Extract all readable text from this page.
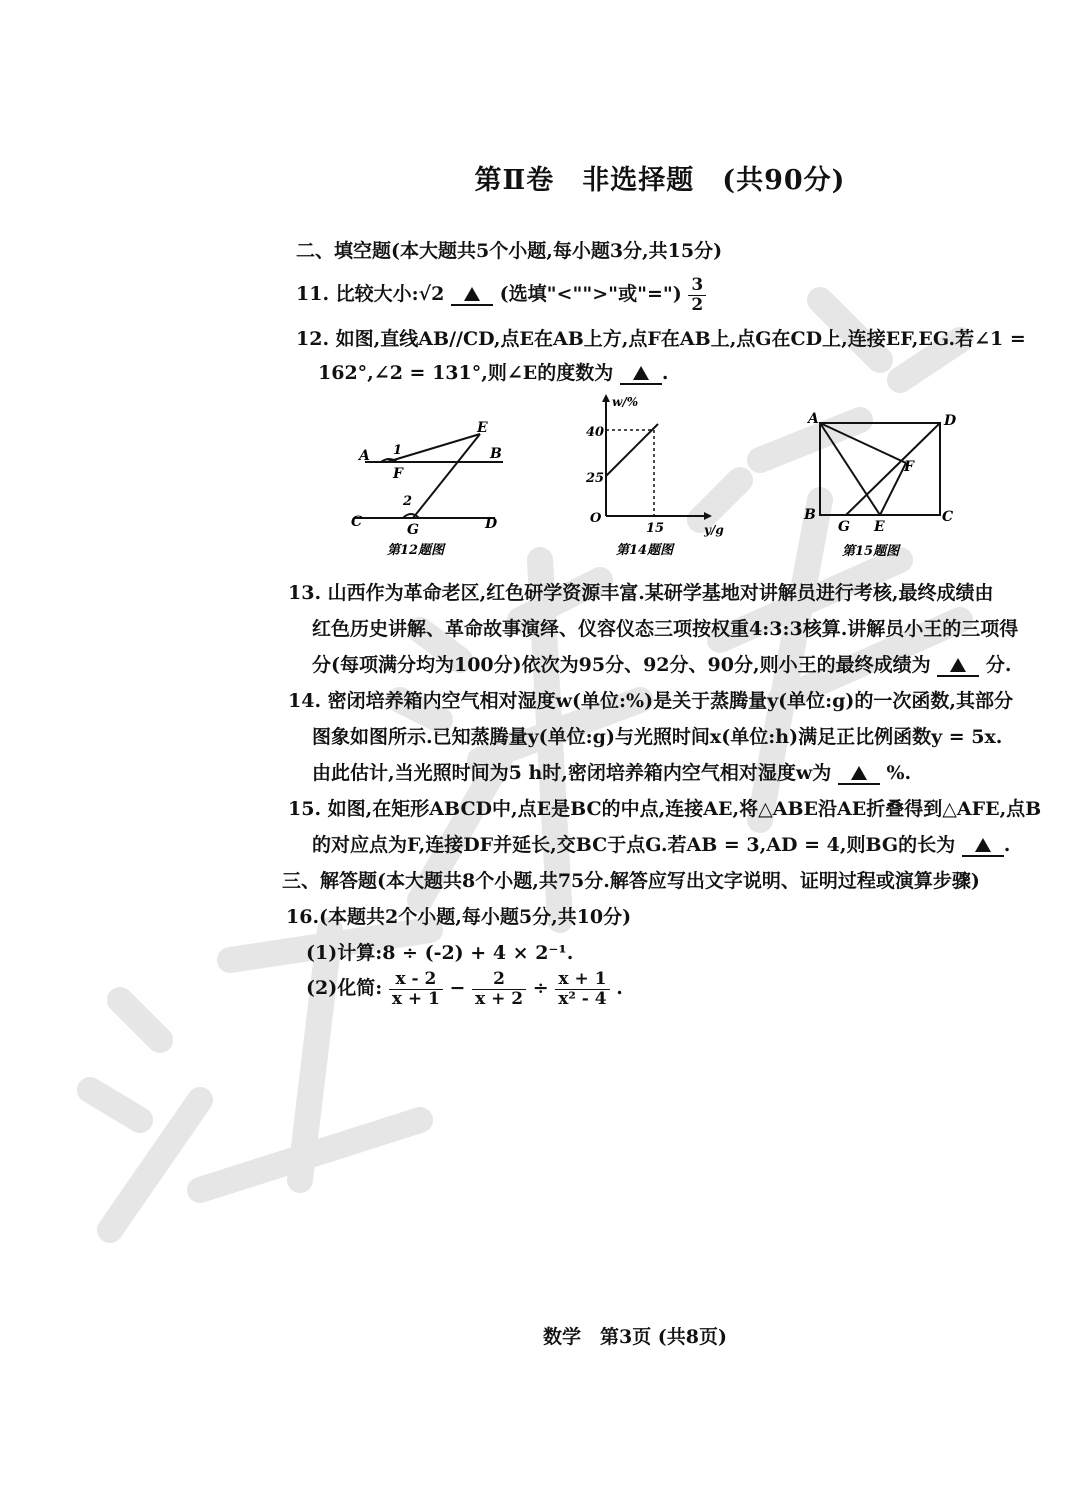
第Ⅱ卷　非选择题　(共90分)
二、填空题(本大题共5个小题,每小题3分,共15分)
11. 比较大小:√2	(选填"<"">"或"=") $\frac{3}{2}$
12. 如图,直线AB//CD,点E在AB上方,点F在AB上,点G在CD上,连接EF,EG.若∠1 =
162°,∠2 = 131°,则∠E的度数为	.
A	B
C	D
E
F
G
1
2
第12题图
w/%
y/g
O
40
25
15
第14题图
A	D
B	C
F
G E
第15题图
13. 山西作为革命老区,红色研学资源丰富.某研学基地对讲解员进行考核,最终成绩由
红色历史讲解、革命故事演绎、仪容仪态三项按权重4:3:3核算.讲解员小王的三项得
分(每项满分均为100分)依次为95分、92分、90分,则小王的最终成绩为	分.
14. 密闭培养箱内空气相对湿度w(单位:%)是关于蒸腾量y(单位:g)的一次函数,其部分
图象如图所示.已知蒸腾量y(单位:g)与光照时间x(单位:h)满足正比例函数y = 5x.
由此估计,当光照时间为5 h时,密闭培养箱内空气相对湿度w为	%.
15. 如图,在矩形ABCD中,点E是BC的中点,连接AE,将△ABE沿AE折叠得到△AFE,点B
的对应点为F,连接DF并延长,交BC于点G.若AB = 3,AD = 4,则BG的长为	.
三、解答题(本大题共8个小题,共75分.解答应写出文字说明、证明过程或演算步骤)
16.(本题共2个小题,每小题5分,共10分)
(1)计算:8 ÷ (-2) + 4 × 2⁻¹.
(2)化简: $\frac{x - 2}{x + 1} - \frac{2}{x + 2} \div \frac{x + 1}{\text{x² - 4}}$ .
数学　第3页 (共8页)
